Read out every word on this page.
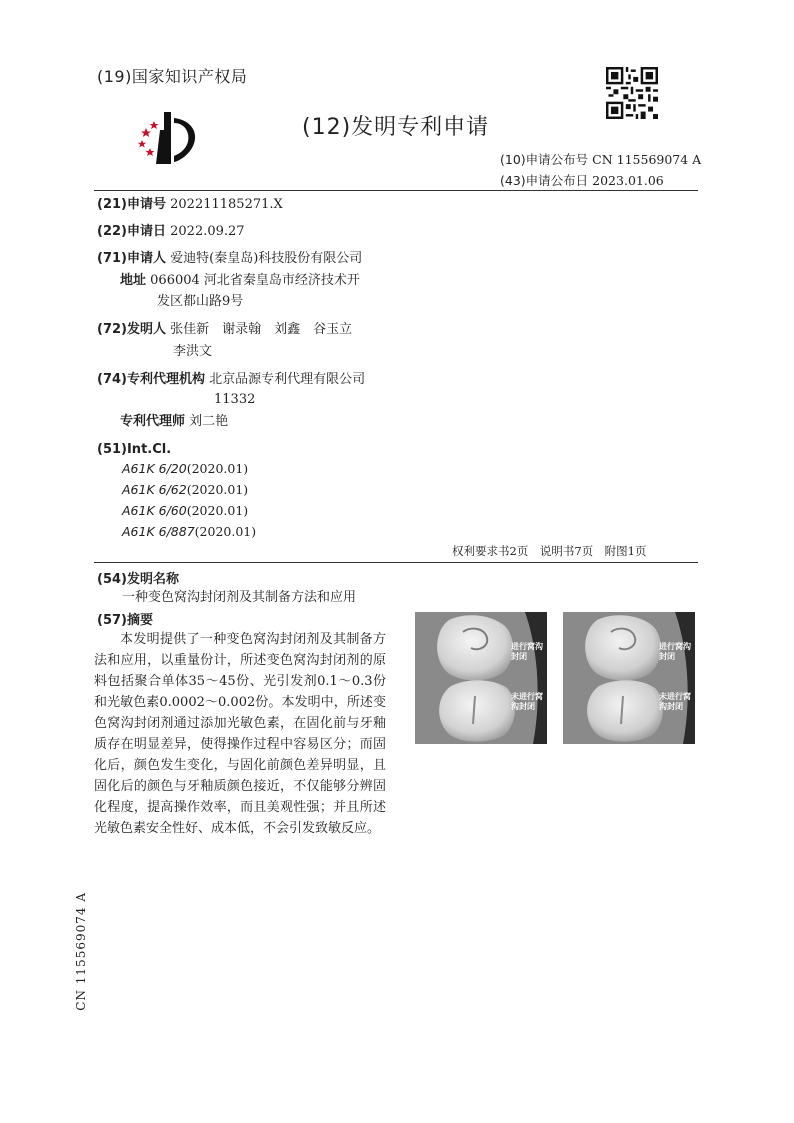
(19)国家知识产权局
(12)发明专利申请
(10)申请公布号 CN 115569074 A
(43)申请公布日 2023.01.06
(21)申请号 202211185271.X
(22)申请日 2022.09.27
(71)申请人 爱迪特(秦皇岛)科技股份有限公司
地址 066004 河北省秦皇岛市经济技术开
发区都山路9号
(72)发明人 张佳新　谢录翰　刘鑫　谷玉立
李洪文
(74)专利代理机构 北京品源专利代理有限公司
11332
专利代理师 刘二艳
(51)Int.Cl.
A61K 6/20(2020.01)
A61K 6/62(2020.01)
A61K 6/60(2020.01)
A61K 6/887(2020.01)
权利要求书2页　说明书7页　附图1页
(54)发明名称
一种变色窝沟封闭剂及其制备方法和应用
(57)摘要
本发明提供了一种变色窝沟封闭剂及其制备方法和应用，以重量份计，所述变色窝沟封闭剂的原料包括聚合单体35～45份、光引发剂0.1～0.3份和光敏色素0.0002～0.002份。本发明中，所述变色窝沟封闭剂通过添加光敏色素，在固化前与牙釉质存在明显差异，使得操作过程中容易区分；而固化后，颜色发生变化，与固化前颜色差异明显，且固化后的颜色与牙釉质颜色接近，不仅能够分辨固化程度，提高操作效率，而且美观性强；并且所述光敏色素安全性好、成本低，不会引发致敏反应。
进行窝沟封闭
未进行窝沟封闭
进行窝沟封闭
未进行窝沟封闭
CN 115569074 A
